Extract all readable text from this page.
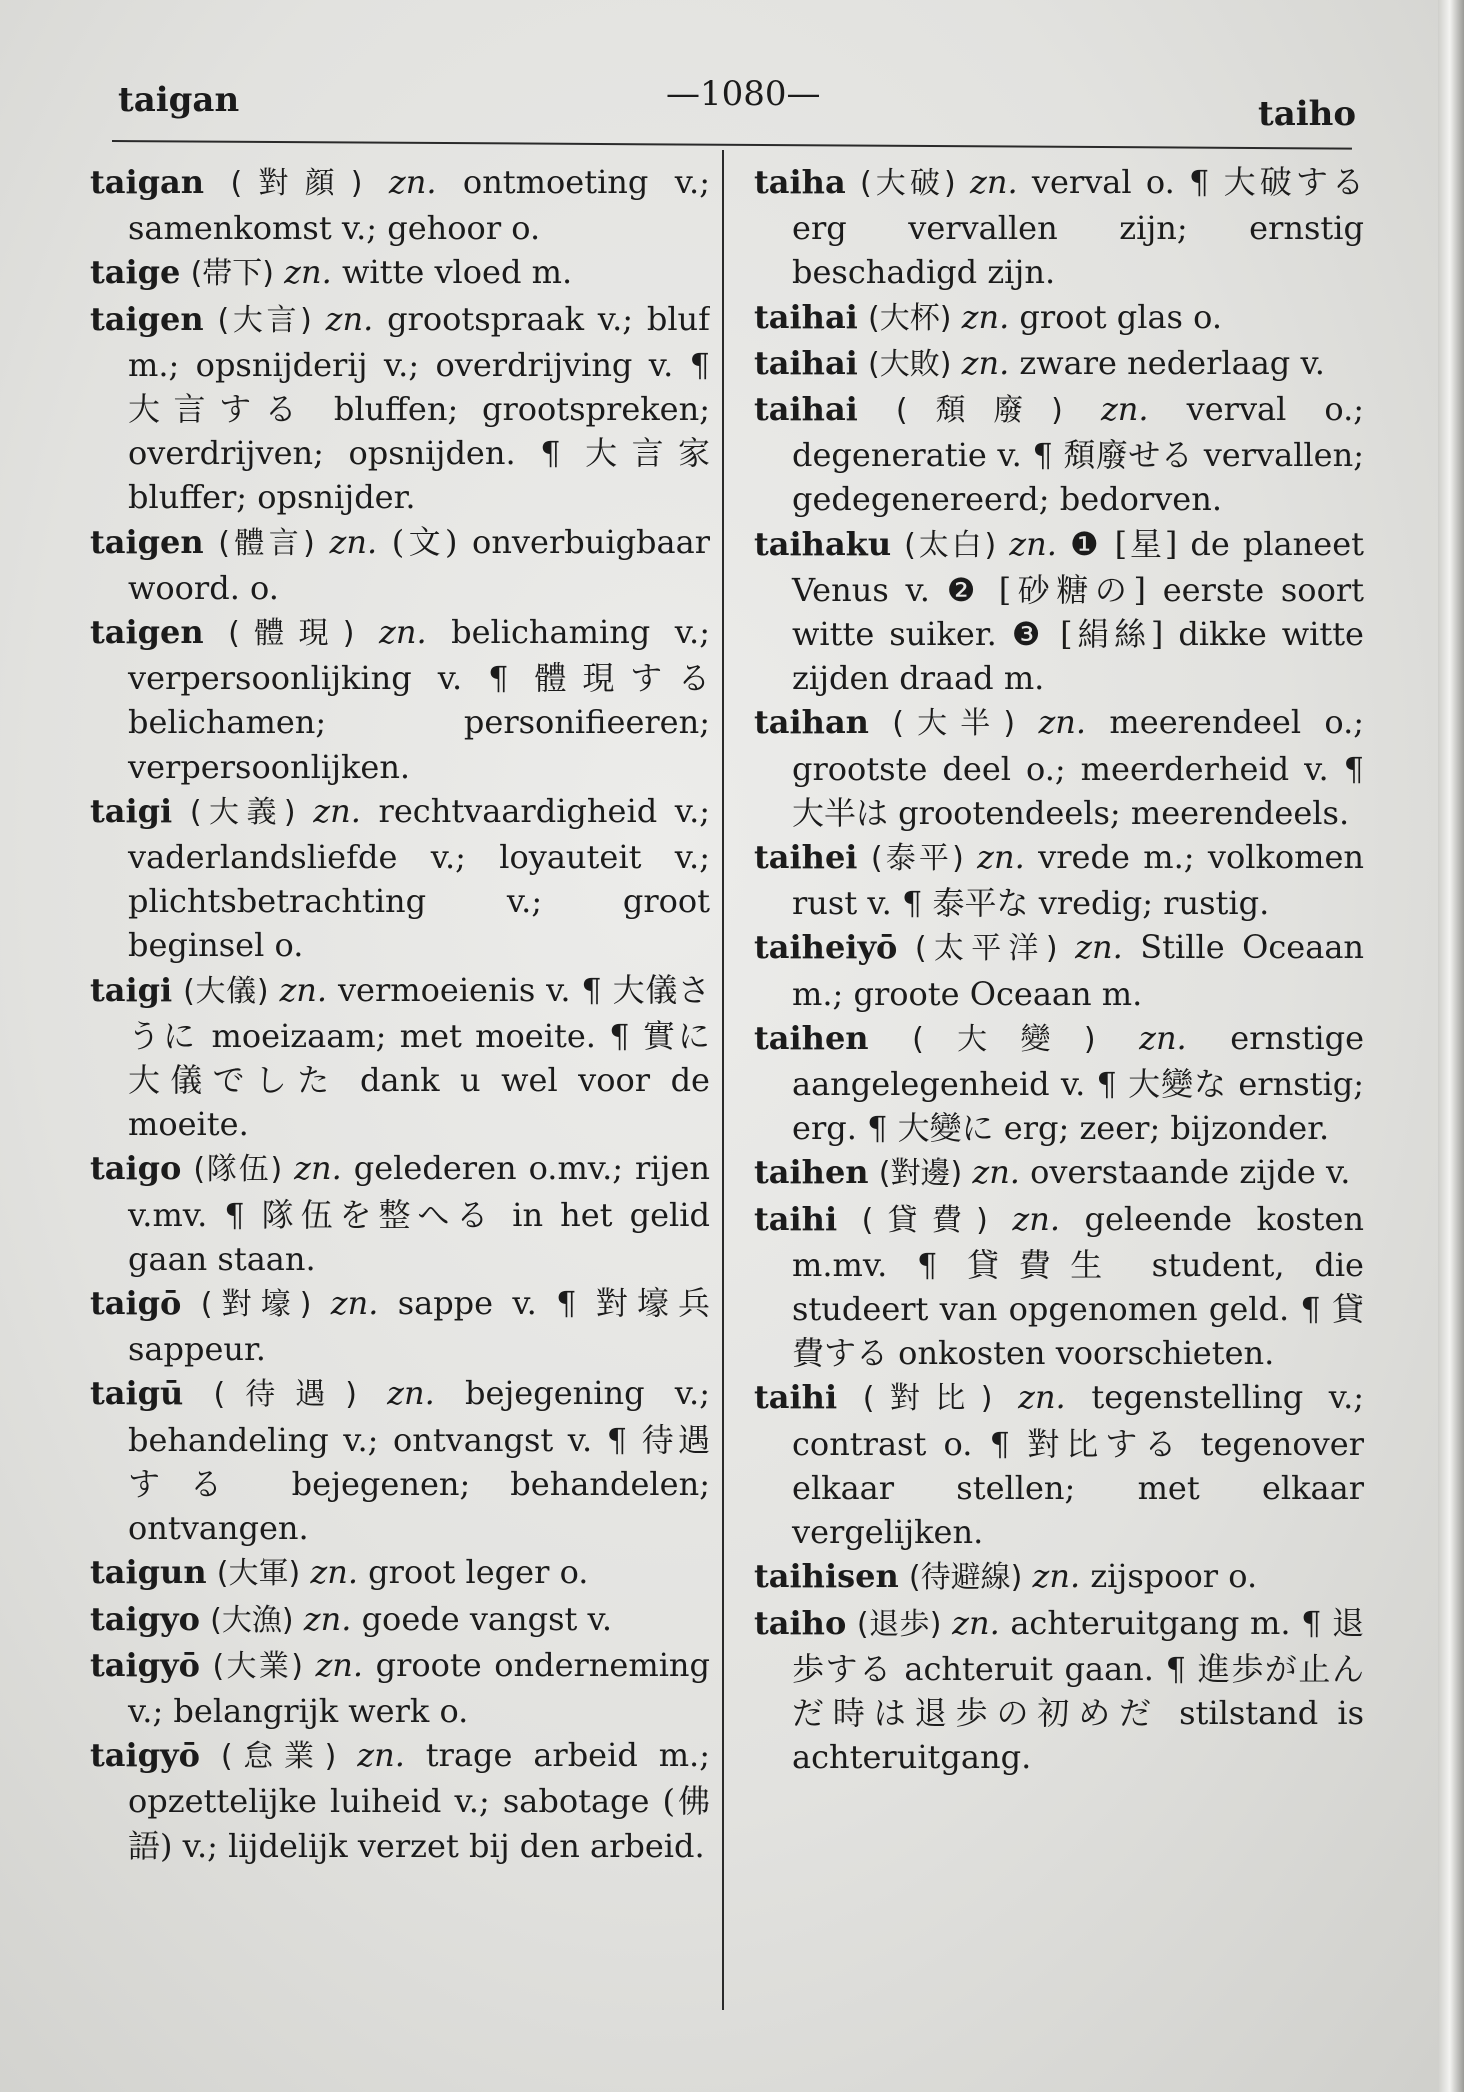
taigan	—1080—	taiho

taigan (對顔) zn. ontmoeting v.; samenkomst v.; gehoor o.

taige (帯下) zn. witte vloed m.

taigen (大言) zn. grootspraak v.; bluf m.; opsnijderij v.; overdrijving v. ¶ 大言する bluffen; grootspreken; overdrijven; opsnijden. ¶ 大言家 bluffer; opsnijder.

taigen (體言) zn. (文) onverbuigbaar woord. o.

taigen (體現) zn. belichaming v.; verpersoonlijking v. ¶ 體現する belichamen; personifieeren; verpersoonlijken.

taigi (大義) zn. rechtvaardigheid v.; vaderlandsliefde v.; loyauteit v.; plichtsbetrachting v.; groot beginsel o.

taigi (大儀) zn. vermoeienis v. ¶ 大儀さうに moeizaam; met moeite. ¶ 實に大儀でした dank u wel voor de moeite.

taigo (隊伍) zn. gelederen o.mv.; rijen v.mv. ¶ 隊伍を整へる in het gelid gaan staan.

taigō (對壕) zn. sappe v. ¶ 對壕兵 sappeur.

taigū (待遇) zn. bejegening v.; behandeling v.; ontvangst v. ¶ 待遇する bejegenen; behandelen; ontvangen.

taigun (大軍) zn. groot leger o.

taigyo (大漁) zn. goede vangst v.

taigyō (大業) zn. groote onderneming v.; belangrijk werk o.

taigyō (怠業) zn. trage arbeid m.; opzettelijke luiheid v.; sabotage (佛語) v.; lijdelijk verzet bij den arbeid.

taiha (大破) zn. verval o. ¶ 大破する erg vervallen zijn; ernstig beschadigd zijn.

taihai (大杯) zn. groot glas o.

taihai (大敗) zn. zware nederlaag v.

taihai (頽廢) zn. verval o.; degeneratie v. ¶ 頽廢せる vervallen; gedegenereerd; bedorven.

taihaku (太白) zn. ❶ [星] de planeet Venus v. ❷ [砂糖の] eerste soort witte suiker. ❸ [絹絲] dikke witte zijden draad m.

taihan (大半) zn. meerendeel o.; grootste deel o.; meerderheid v. ¶ 大半は grootendeels; meerendeels.

taihei (泰平) zn. vrede m.; volkomen rust v. ¶ 泰平な vredig; rustig.

taiheiyō (太平洋) zn. Stille Oceaan m.; groote Oceaan m.

taihen (大變) zn. ernstige aangelegenheid v. ¶ 大變な ernstig; erg. ¶ 大變に erg; zeer; bijzonder.

taihen (對邊) zn. overstaande zijde v.

taihi (貸費) zn. geleende kosten m.mv. ¶ 貸費生 student, die studeert van opgenomen geld. ¶ 貸費する onkosten voorschieten.

taihi (對比) zn. tegenstelling v.; contrast o. ¶ 對比する tegenover elkaar stellen; met elkaar vergelijken.

taihisen (待避線) zn. zijspoor o.

taiho (退歩) zn. achteruitgang m. ¶ 退歩する achteruit gaan. ¶ 進歩が止んだ時は退歩の初めだ stilstand is achteruitgang.
